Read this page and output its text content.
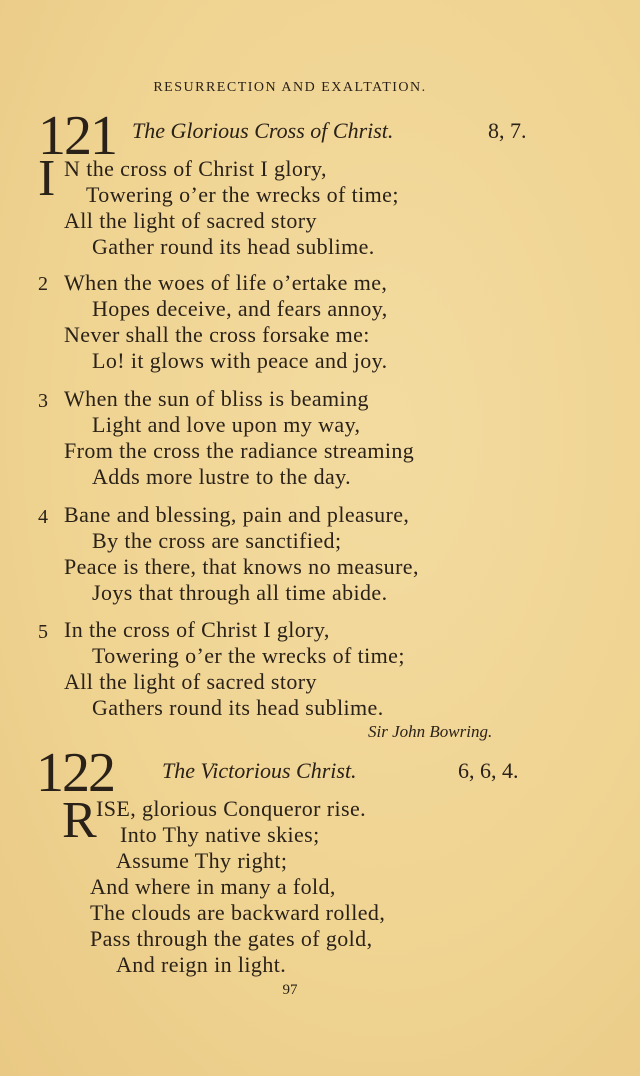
RESURRECTION AND EXALTATION.
121 The Glorious Cross of Christ.	8, 7.
I N the cross of Christ I glory,
Towering o’er the wrecks of time;
All the light of sacred story
Gather round its head sublime.
2 When the woes of life o’ertake me,
Hopes deceive, and fears annoy,
Never shall the cross forsake me:
Lo! it glows with peace and joy.
3 When the sun of bliss is beaming
Light and love upon my way,
From the cross the radiance streaming
Adds more lustre to the day.
4 Bane and blessing, pain and pleasure,
By the cross are sanctified;
Peace is there, that knows no measure,
Joys that through all time abide.
5 In the cross of Christ I glory,
Towering o’er the wrecks of time;
All the light of sacred story
Gathers round its head sublime.
Sir John Bowring.
122 The Victorious Christ.	6, 6, 4.
R ISE, glorious Conqueror rise.
Into Thy native skies;
Assume Thy right;
And where in many a fold,
The clouds are backward rolled,
Pass through the gates of gold,
And reign in light.
97
